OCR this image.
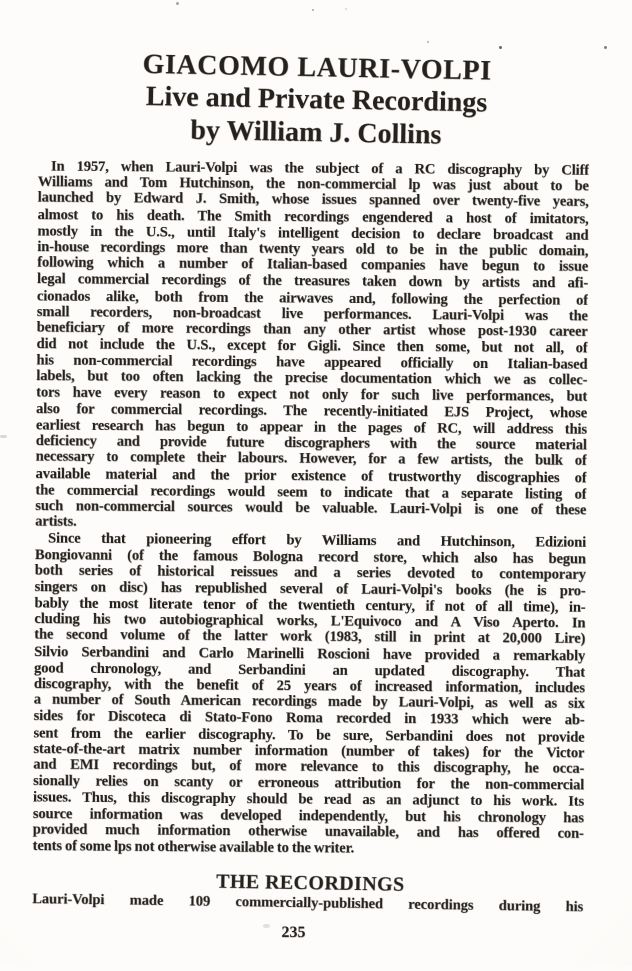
GIACOMO LAURI-VOLPI
Live and Private Recordings
by William J. Collins
In 1957, when Lauri-Volpi was the subject of a RC discography by Cliff
Williams and Tom Hutchinson, the non-commercial lp was just about to be
launched by Edward J. Smith, whose issues spanned over twenty-five years,
almost to his death. The Smith recordings engendered a host of imitators,
mostly in the U.S., until Italy's intelligent decision to declare broadcast and
in-house recordings more than twenty years old to be in the public domain,
following which a number of Italian-based companies have begun to issue
legal commercial recordings of the treasures taken down by artists and afi-
cionados alike, both from the airwaves and, following the perfection of
small recorders, non-broadcast live performances. Lauri-Volpi was the
beneficiary of more recordings than any other artist whose post-1930 career
did not include the U.S., except for Gigli. Since then some, but not all, of
his non-commercial recordings have appeared officially on Italian-based
labels, but too often lacking the precise documentation which we as collec-
tors have every reason to expect not only for such live performances, but
also for commercial recordings. The recently-initiated EJS Project, whose
earliest research has begun to appear in the pages of RC, will address this
deficiency and provide future discographers with the source material
necessary to complete their labours. However, for a few artists, the bulk of
available material and the prior existence of trustworthy discographies of
the commercial recordings would seem to indicate that a separate listing of
such non-commercial sources would be valuable. Lauri-Volpi is one of these
artists.
Since that pioneering effort by Williams and Hutchinson, Edizioni
Bongiovanni (of the famous Bologna record store, which also has begun
both series of historical reissues and a series devoted to contemporary
singers on disc) has republished several of Lauri-Volpi's books (he is pro-
bably the most literate tenor of the twentieth century, if not of all time), in-
cluding his two autobiographical works, L'Equivoco and A Viso Aperto. In
the second volume of the latter work (1983, still in print at 20,000 Lire)
Silvio Serbandini and Carlo Marinelli Roscioni have provided a remarkably
good chronology, and Serbandini an updated discography. That
discography, with the benefit of 25 years of increased information, includes
a number of South American recordings made by Lauri-Volpi, as well as six
sides for Discoteca di Stato-Fono Roma recorded in 1933 which were ab-
sent from the earlier discography. To be sure, Serbandini does not provide
state-of-the-art matrix number information (number of takes) for the Victor
and EMI recordings but, of more relevance to this discography, he occa-
sionally relies on scanty or erroneous attribution for the non-commercial
issues. Thus, this discography should be read as an adjunct to his work. Its
source information was developed independently, but his chronology has
provided much information otherwise unavailable, and has offered con-
tents of some lps not otherwise available to the writer.
THE RECORDINGS
Lauri-Volpi made 109 commercially-published recordings during his
235
